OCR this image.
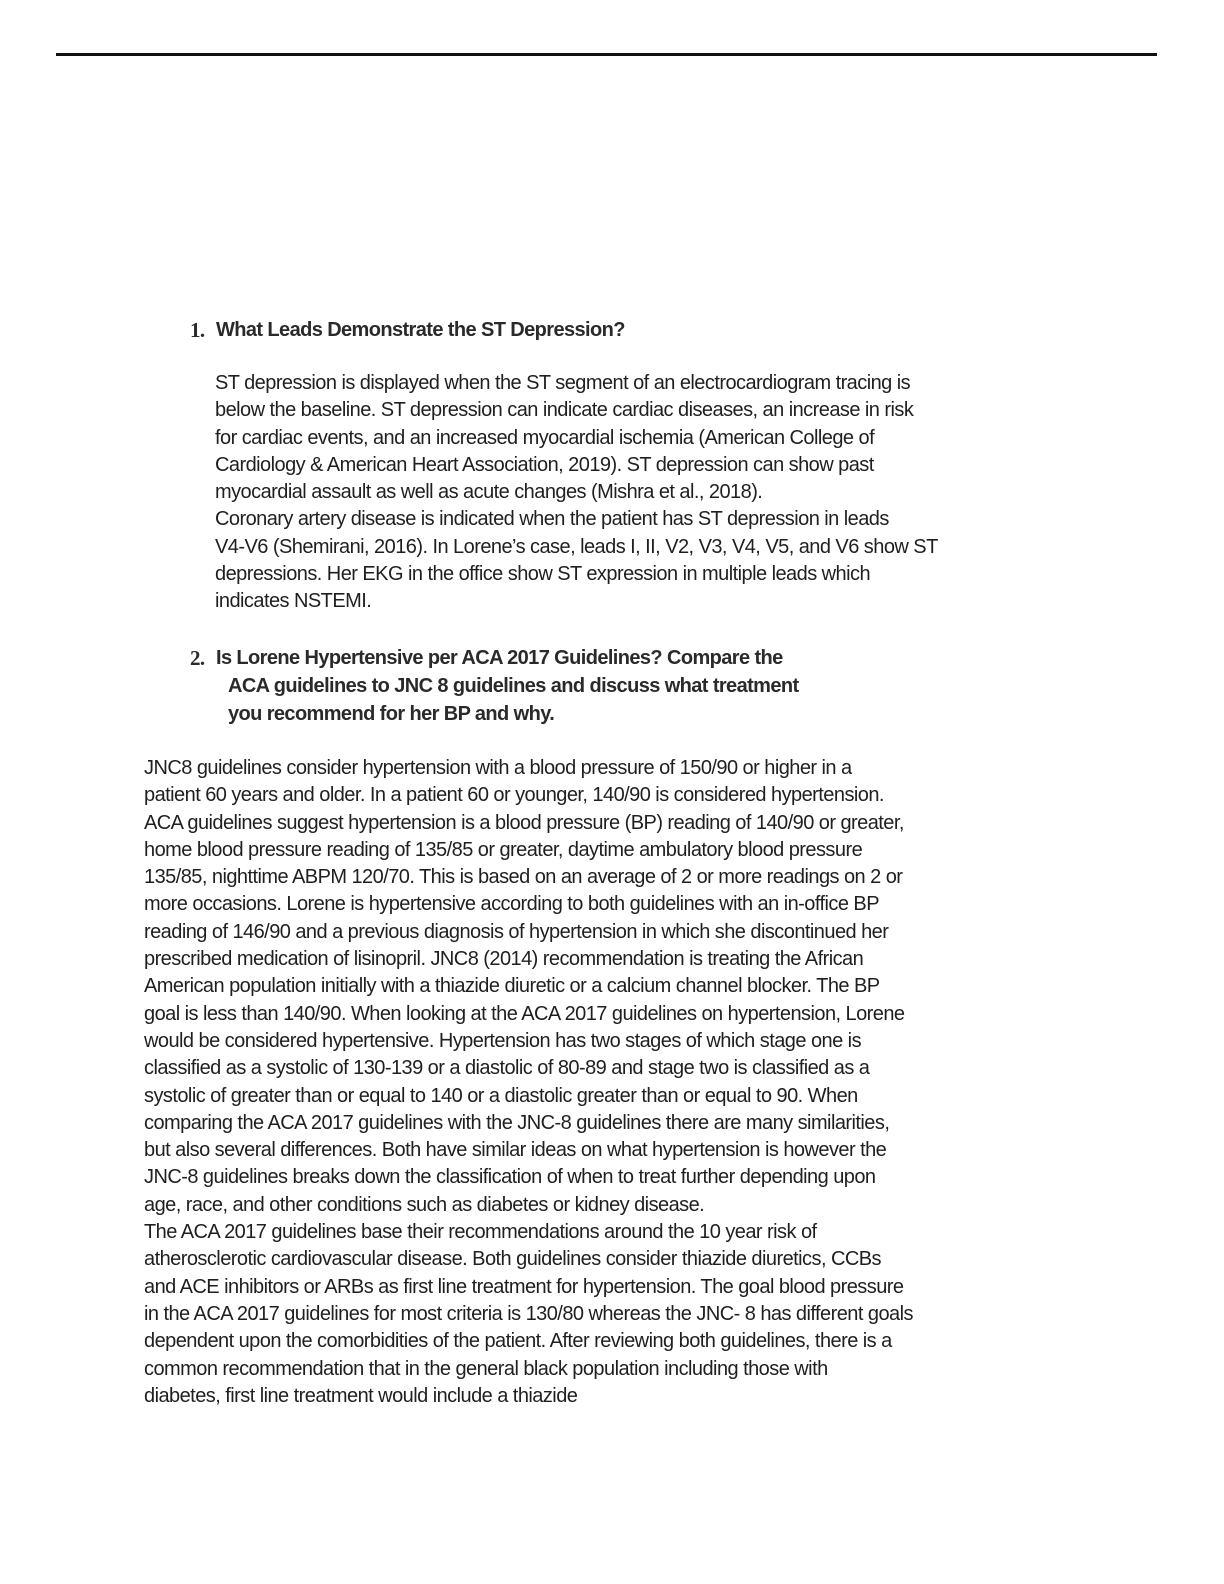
1. What Leads Demonstrate the ST Depression?
ST depression is displayed when the ST segment of an electrocardiogram tracing is
below the baseline. ST depression can indicate cardiac diseases, an increase in risk
for cardiac events, and an increased myocardial ischemia (American College of
Cardiology & American Heart Association, 2019). ST depression can show past
myocardial assault as well as acute changes (Mishra et al., 2018).
Coronary artery disease is indicated when the patient has ST depression in leads
V4-V6 (Shemirani, 2016). In Lorene’s case, leads I, II, V2, V3, V4, V5, and V6 show ST
depressions. Her EKG in the office show ST expression in multiple leads which
indicates NSTEMI.
2. Is Lorene Hypertensive per ACA 2017 Guidelines? Compare the
ACA guidelines to JNC 8 guidelines and discuss what treatment
you recommend for her BP and why.
JNC8 guidelines consider hypertension with a blood pressure of 150/90 or higher in a
patient 60 years and older. In a patient 60 or younger, 140/90 is considered hypertension.
ACA guidelines suggest hypertension is a blood pressure (BP) reading of 140/90 or greater,
home blood pressure reading of 135/85 or greater, daytime ambulatory blood pressure
135/85, nighttime ABPM 120/70. This is based on an average of 2 or more readings on 2 or
more occasions. Lorene is hypertensive according to both guidelines with an in-office BP
reading of 146/90 and a previous diagnosis of hypertension in which she discontinued her
prescribed medication of lisinopril. JNC8 (2014) recommendation is treating the African
American population initially with a thiazide diuretic or a calcium channel blocker. The BP
goal is less than 140/90. When looking at the ACA 2017 guidelines on hypertension, Lorene
would be considered hypertensive. Hypertension has two stages of which stage one is
classified as a systolic of 130-139 or a diastolic of 80-89 and stage two is classified as a
systolic of greater than or equal to 140 or a diastolic greater than or equal to 90. When
comparing the ACA 2017 guidelines with the JNC-8 guidelines there are many similarities,
but also several differences. Both have similar ideas on what hypertension is however the
JNC-8 guidelines breaks down the classification of when to treat further depending upon
age, race, and other conditions such as diabetes or kidney disease.
The ACA 2017 guidelines base their recommendations around the 10 year risk of
atherosclerotic cardiovascular disease. Both guidelines consider thiazide diuretics, CCBs
and ACE inhibitors or ARBs as first line treatment for hypertension. The goal blood pressure
in the ACA 2017 guidelines for most criteria is 130/80 whereas the JNC- 8 has different goals
dependent upon the comorbidities of the patient. After reviewing both guidelines, there is a
common recommendation that in the general black population including those with
diabetes, first line treatment would include a thiazide
